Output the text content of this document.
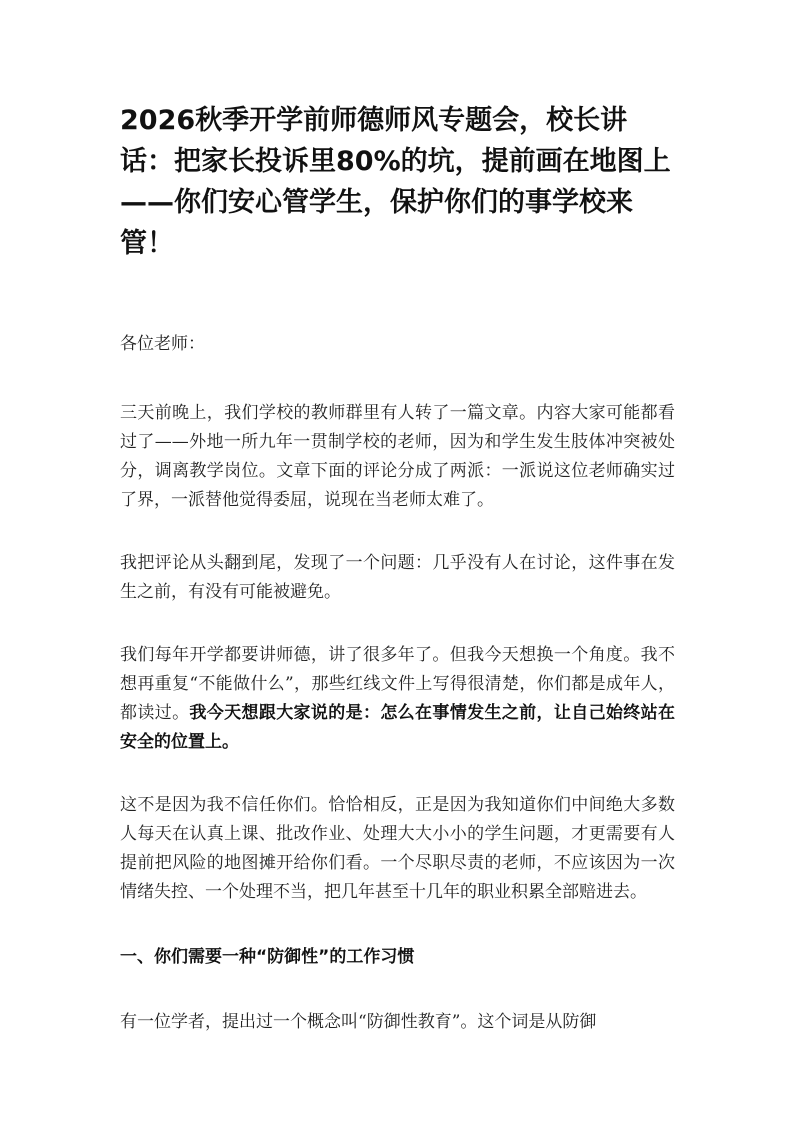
2026秋季开学前师德师风专题会，校长讲话：把家长投诉里80%的坑，提前画在地图上——你们安心管学生，保护你们的事学校来管！

各位老师：

三天前晚上，我们学校的教师群里有人转了一篇文章。内容大家可能都看过了——外地一所九年一贯制学校的老师，因为和学生发生肢体冲突被处分，调离教学岗位。文章下面的评论分成了两派：一派说这位老师确实过了界，一派替他觉得委屈，说现在当老师太难了。

我把评论从头翻到尾，发现了一个问题：几乎没有人在讨论，这件事在发生之前，有没有可能被避免。

我们每年开学都要讲师德，讲了很多年了。但我今天想换一个角度。我不想再重复“不能做什么”，那些红线文件上写得很清楚，你们都是成年人，都读过。我今天想跟大家说的是：怎么在事情发生之前，让自己始终站在安全的位置上。

这不是因为我不信任你们。恰恰相反，正是因为我知道你们中间绝大多数人每天在认真上课、批改作业、处理大大小小的学生问题，才更需要有人提前把风险的地图摊开给你们看。一个尽职尽责的老师，不应该因为一次情绪失控、一个处理不当，把几年甚至十几年的职业积累全部赔进去。

一、你们需要一种“防御性”的工作习惯

有一位学者，提出过一个概念叫“防御性教育”。这个词是从防御
